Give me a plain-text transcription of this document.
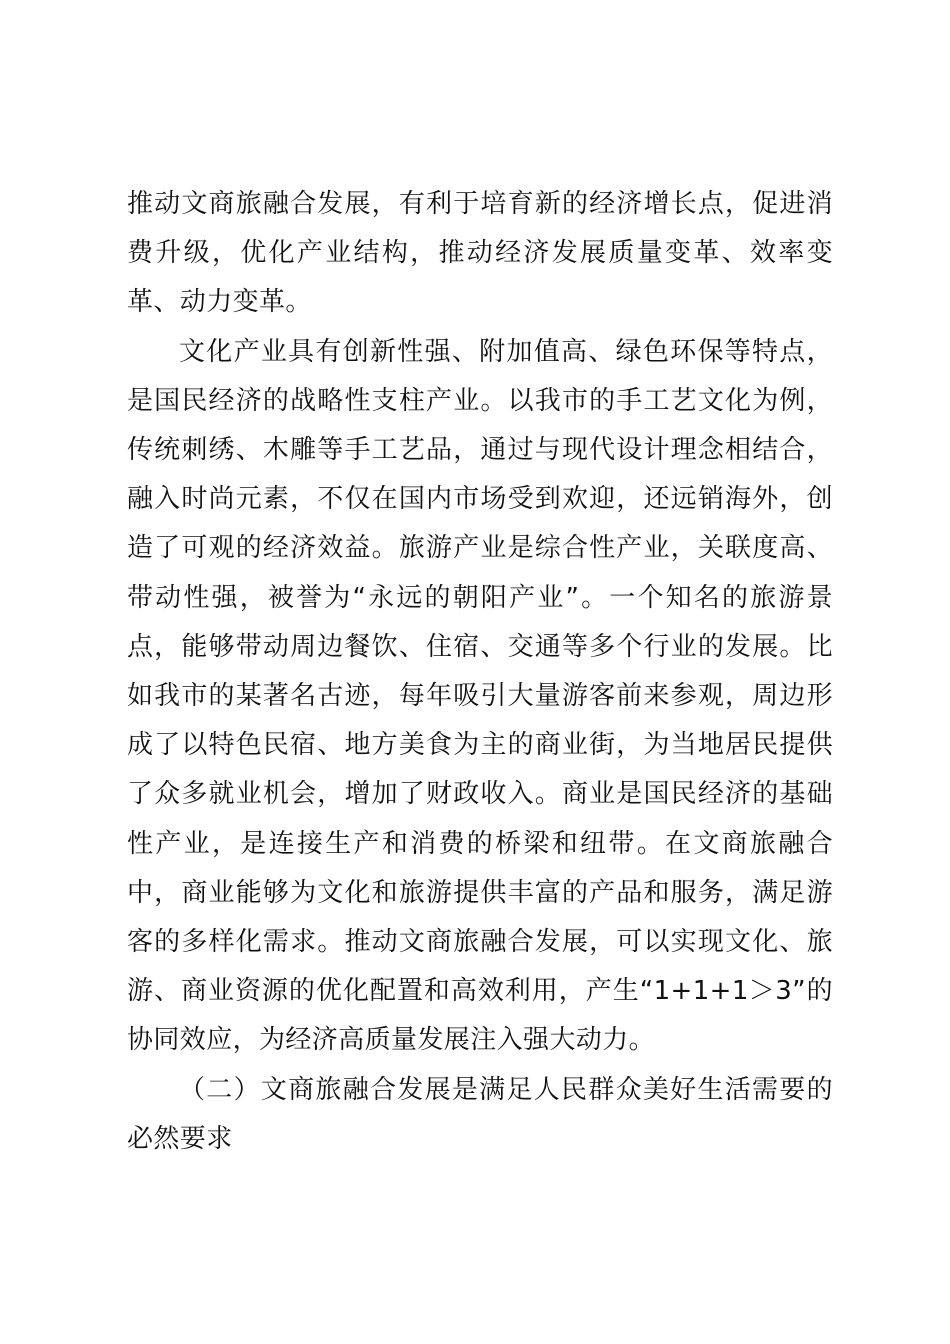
推动文商旅融合发展，有利于培育新的经济增长点，促进消费升级，优化产业结构，推动经济发展质量变革、效率变革、动力变革。

文化产业具有创新性强、附加值高、绿色环保等特点，是国民经济的战略性支柱产业。以我市的手工艺文化为例，传统刺绣、木雕等手工艺品，通过与现代设计理念相结合，融入时尚元素，不仅在国内市场受到欢迎，还远销海外，创造了可观的经济效益。旅游产业是综合性产业，关联度高、带动性强，被誉为“永远的朝阳产业”。一个知名的旅游景点，能够带动周边餐饮、住宿、交通等多个行业的发展。比如我市的某著名古迹，每年吸引大量游客前来参观，周边形成了以特色民宿、地方美食为主的商业街，为当地居民提供了众多就业机会，增加了财政收入。商业是国民经济的基础性产业，是连接生产和消费的桥梁和纽带。在文商旅融合中，商业能够为文化和旅游提供丰富的产品和服务，满足游客的多样化需求。推动文商旅融合发展，可以实现文化、旅游、商业资源的优化配置和高效利用，产生“1+1+1＞3”的协同效应，为经济高质量发展注入强大动力。

（二）文商旅融合发展是满足人民群众美好生活需要的必然要求
